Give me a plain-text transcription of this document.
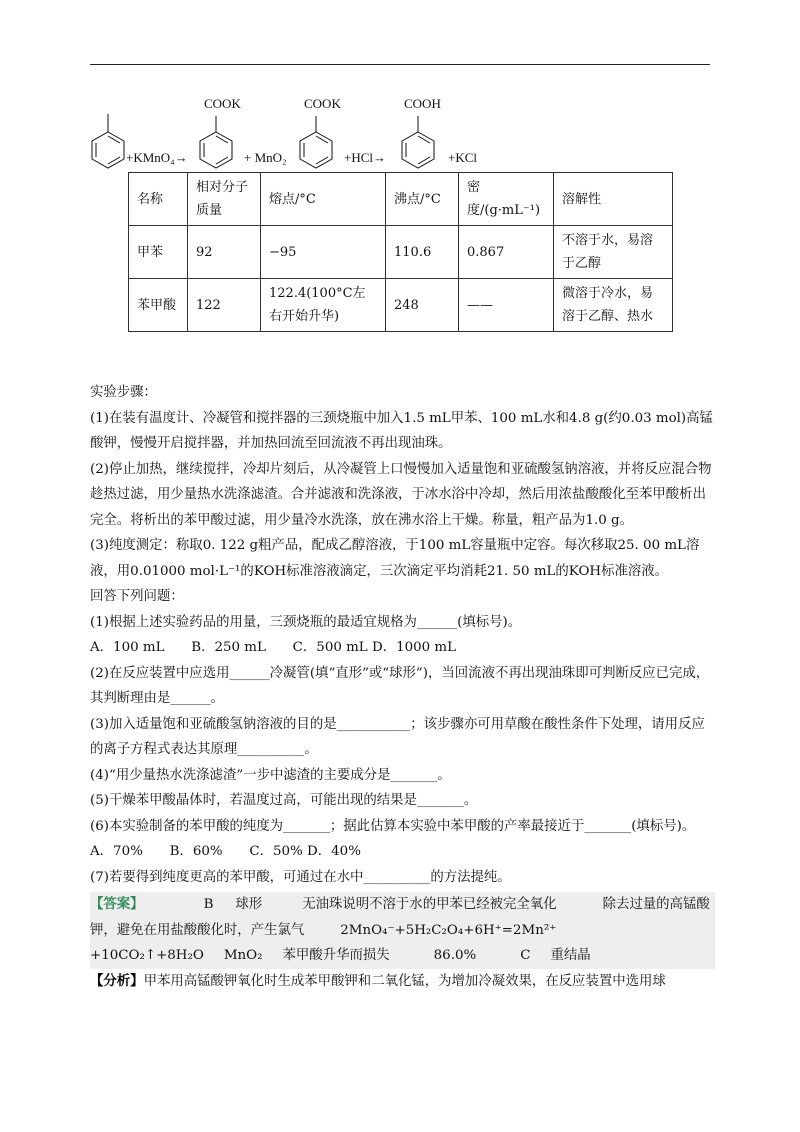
COOK	COOK	COOH
+KMnO₄→	+ MnO₂	+HCl→	+KCl
名称	相对分子质量	熔点/°C	沸点/°C	密度/(g·mL⁻¹)	溶解性
甲苯	92	−95	110.6	0.867	不溶于水，易溶于乙醇
苯甲酸	122	122.4(100°C左右开始升华)	248	——	微溶于冷水，易溶于乙醇、热水

实验步骤：

(1)在装有温度计、冷凝管和搅拌器的三颈烧瓶中加入1.5 mL甲苯、100 mL水和4.8 g(约0.03 mol)高锰酸钾，慢慢开启搅拌器，并加热回流至回流液不再出现油珠。

(2)停止加热，继续搅拌，冷却片刻后，从冷凝管上口慢慢加入适量饱和亚硫酸氢钠溶液，并将反应混合物趁热过滤，用少量热水洗涤滤渣。合并滤液和洗涤液，于冰水浴中冷却，然后用浓盐酸酸化至苯甲酸析出完全。将析出的苯甲酸过滤，用少量冷水洗涤，放在沸水浴上干燥。称量，粗产品为1.0 g。

(3)纯度测定：称取0. 122 g粗产品，配成乙醇溶液，于100 mL容量瓶中定容。每次移取25. 00 mL溶液，用0.01000 mol·L⁻¹的KOH标准溶液滴定，三次滴定平均消耗21. 50 mL的KOH标准溶液。

回答下列问题：

(1)根据上述实验药品的用量，三颈烧瓶的最适宜规格为______(填标号)。

A．100 mL　　B．250 mL　　C．500 mL D．1000 mL

(2)在反应装置中应选用______冷凝管(填“直形”或“球形”)，当回流液不再出现油珠即可判断反应已完成，其判断理由是______。

(3)加入适量饱和亚硫酸氢钠溶液的目的是___________；该步骤亦可用草酸在酸性条件下处理，请用反应的离子方程式表达其原理__________。

(4)“用少量热水洗涤滤渣”一步中滤渣的主要成分是_______。

(5)干燥苯甲酸晶体时，若温度过高，可能出现的结果是_______。

(6)本实验制备的苯甲酸的纯度为_______；据此估算本实验中苯甲酸的产率最接近于_______(填标号)。

A．70%　　B．60%　　C．50% D．40%

(7)若要得到纯度更高的苯甲酸，可通过在水中__________的方法提纯。

【答案】	B 球形	无油珠说明不溶于水的甲苯已经被完全氧化	除去过量的高锰酸钾，避免在用盐酸酸化时，产生氯气	2MnO₄⁻+5H₂C₂O₄+6H⁺=2Mn²⁺
+10CO₂↑+8H₂O MnO₂ 苯甲酸升华而损失	86.0%	C 重结晶

【分析】甲苯用高锰酸钾氧化时生成苯甲酸钾和二氧化锰，为增加冷凝效果，在反应装置中选用球
